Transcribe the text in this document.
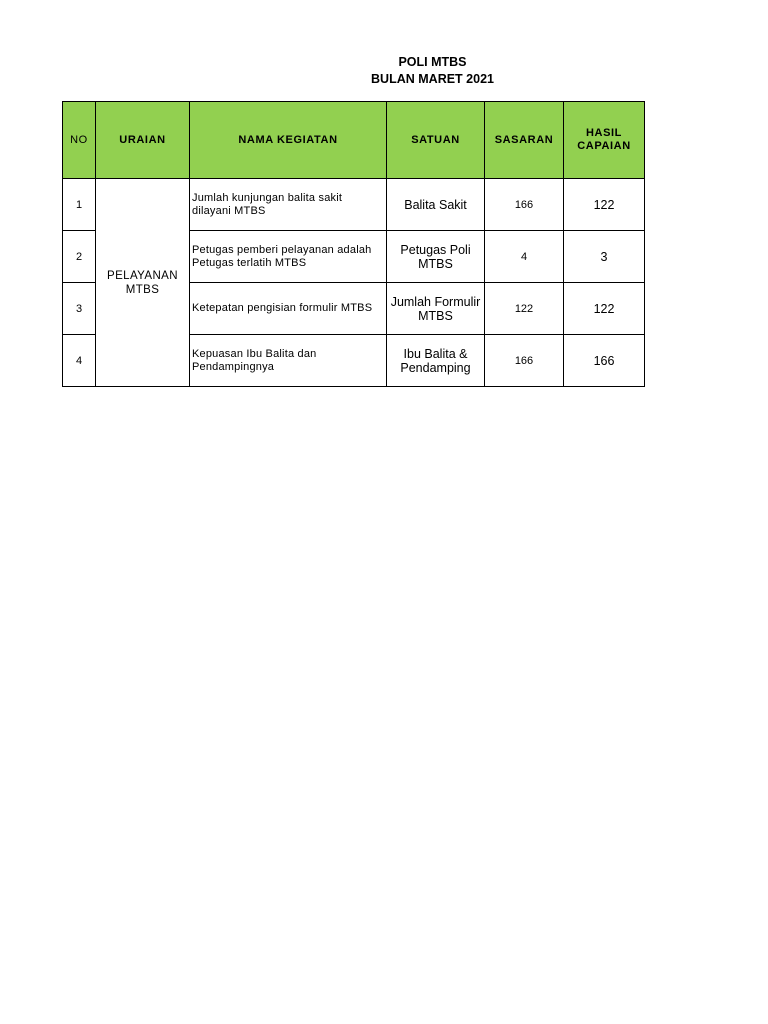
POLI MTBS
BULAN MARET 2021
NO	URAIAN	NAMA KEGIATAN	SATUAN	SASARAN	HASIL CAPAIAN
1	PELAYANAN MTBS	Jumlah kunjungan balita sakit dilayani MTBS	Balita Sakit	166	122
2		Petugas pemberi pelayanan adalah Petugas terlatih MTBS	Petugas Poli MTBS	4	3
3		Ketepatan pengisian formulir MTBS	Jumlah Formulir MTBS	122	122
4		Kepuasan Ibu Balita dan Pendampingnya	Ibu Balita & Pendamping	166	166
